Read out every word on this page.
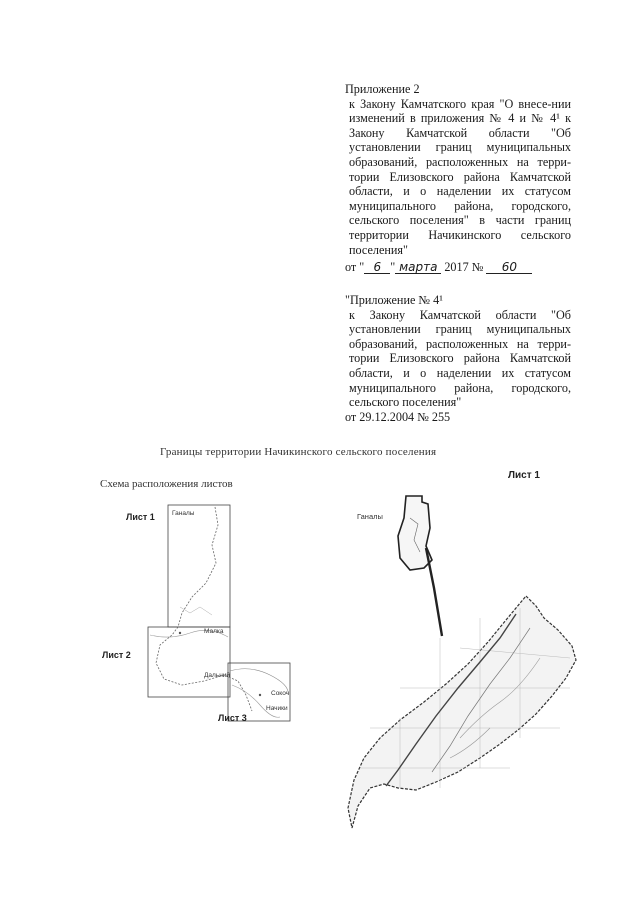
Приложение 2
к Закону Камчатского края "О внесе-нии изменений в приложения № 4 и № 4¹ к Закону Камчатской области "Об установлении границ муниципальных образований, расположенных на терри-тории Елизовского района Камчатской области, и о наделении их статусом муниципального района, городского, сельского поселения" в части границ территории Начикинского сельского поселения"
от " 6 " марта 2017 № 60
"Приложение № 4¹
к Закону Камчатской области "Об установлении границ муниципальных образований, расположенных на терри-тории Елизовского района Камчатской области, и о наделении их статусом муниципального района, городского, сельского поселения"
от 29.12.2004 № 255
Границы территории Начикинского сельского поселения
Схема расположения листов
Лист 1
Лист 2
Лист 3
Ганалы
Малка
Дальний
Сокоч
Начики
Лист 1
Ганалы
